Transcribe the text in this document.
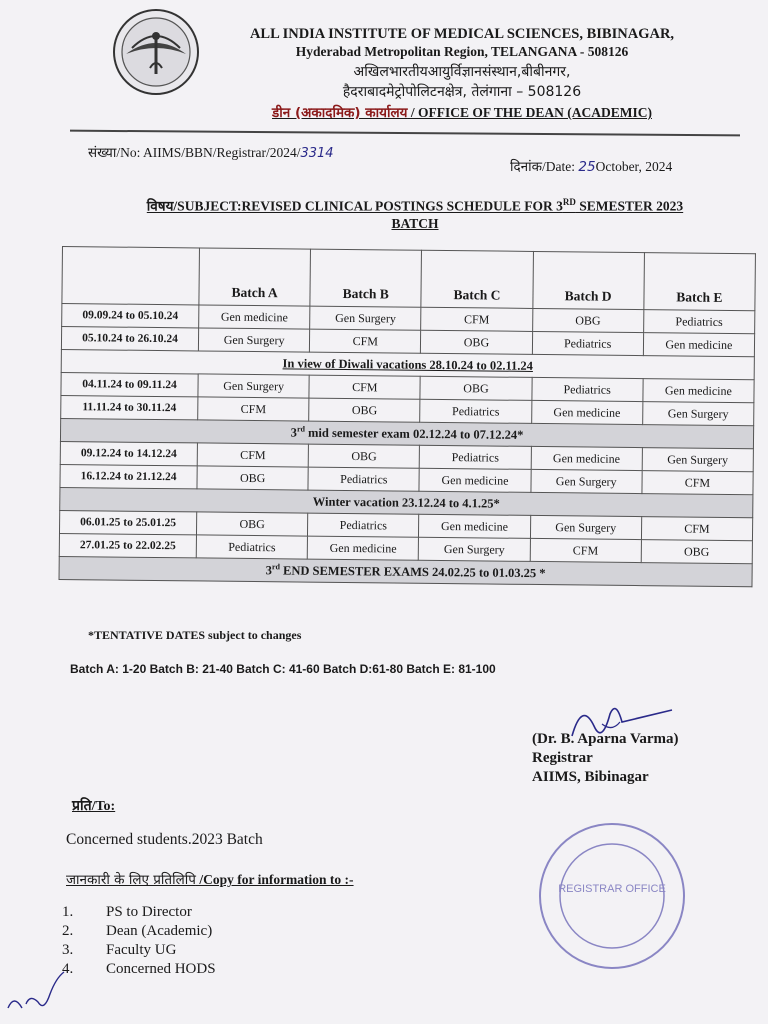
ALL INDIA INSTITUTE OF MEDICAL SCIENCES, BIBINAGAR,
Hyderabad Metropolitan Region, TELANGANA - 508126
अखिलभारतीयआयुर्विज्ञानसंस्थान,बीबीनगर,
हैदराबादमेट्रोपोलिटनक्षेत्र, तेलंगाना – 508126
डीन (अकादमिक) कार्यालय / OFFICE OF THE DEAN (ACADEMIC)
संख्या/No: AIIMS/BBN/Registrar/2024/3314
दिनांक/Date: 25October, 2024
विषय/SUBJECT:REVISED CLINICAL POSTINGS SCHEDULE FOR 3RD SEMESTER 2023
BATCH
	Batch A	Batch B	Batch C	Batch D	Batch E
09.09.24 to 05.10.24	Gen medicine	Gen Surgery	CFM	OBG	Pediatrics
05.10.24 to 26.10.24	Gen Surgery	CFM	OBG	Pediatrics	Gen medicine
In view of Diwali vacations 28.10.24 to 02.11.24					
04.11.24 to 09.11.24	Gen Surgery	CFM	OBG	Pediatrics	Gen medicine
11.11.24 to 30.11.24	CFM	OBG	Pediatrics	Gen medicine	Gen Surgery
3rd mid semester exam 02.12.24 to 07.12.24*					
09.12.24 to 14.12.24	CFM	OBG	Pediatrics	Gen medicine	Gen Surgery
16.12.24 to 21.12.24	OBG	Pediatrics	Gen medicine	Gen Surgery	CFM
Winter vacation 23.12.24 to 4.1.25*					
06.01.25 to 25.01.25	OBG	Pediatrics	Gen medicine	Gen Surgery	CFM
27.01.25 to 22.02.25	Pediatrics	Gen medicine	Gen Surgery	CFM	OBG
3rd END SEMESTER EXAMS 24.02.25 to 01.03.25 *					
*TENTATIVE DATES subject to changes
Batch A: 1-20 Batch B: 21-40 Batch C: 41-60 Batch D:61-80 Batch E: 81-100
(Dr. B. Aparna Varma)
Registrar
AIIMS, Bibinagar
प्रति/To:
Concerned students.2023 Batch
जानकारी के लिए प्रतिलिपि /Copy for information to :-
1.	PS to Director
2.	Dean (Academic)
3.	Faculty UG
4.	Concerned HODS
REGISTRAR OFFICE
